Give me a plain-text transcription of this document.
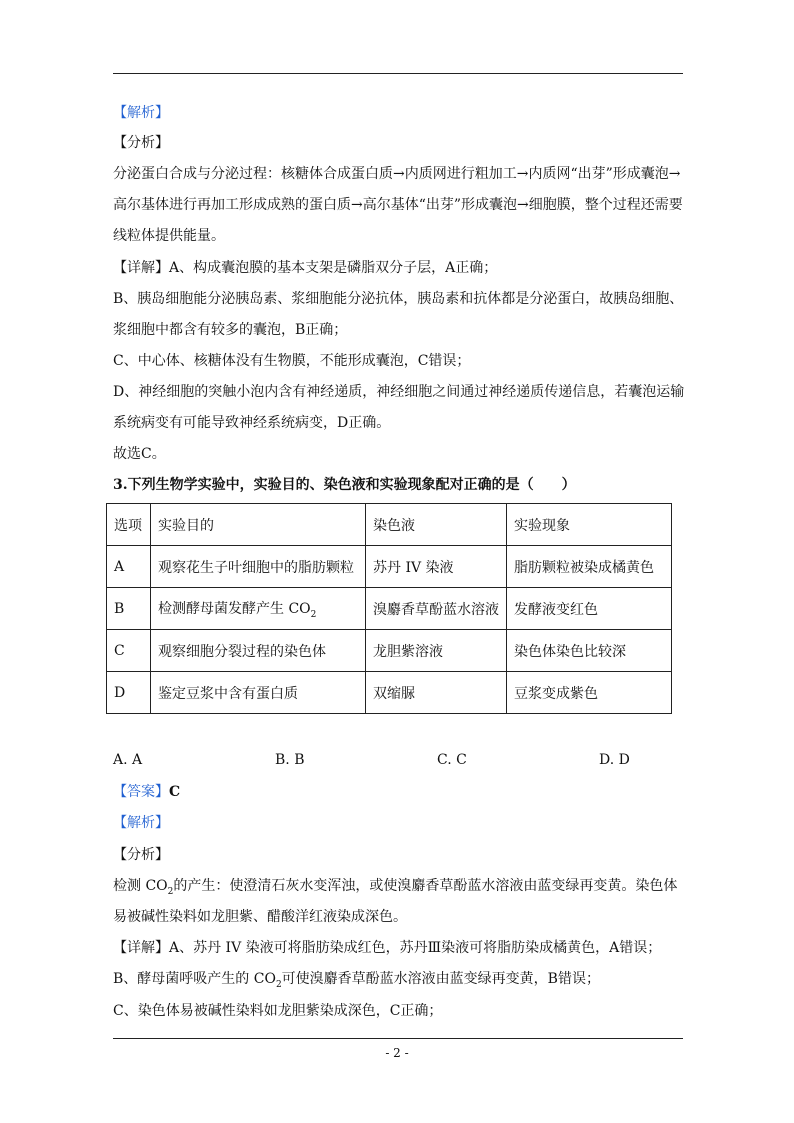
【解析】
【分析】
分泌蛋白合成与分泌过程：核糖体合成蛋白质→内质网进行粗加工→内质网“出芽”形成囊泡→
高尔基体进行再加工形成成熟的蛋白质→高尔基体“出芽”形成囊泡→细胞膜，整个过程还需要
线粒体提供能量。
【详解】A、构成囊泡膜的基本支架是磷脂双分子层，A正确；
B、胰岛细胞能分泌胰岛素、浆细胞能分泌抗体，胰岛素和抗体都是分泌蛋白，故胰岛细胞、
浆细胞中都含有较多的囊泡，B正确；
C、中心体、核糖体没有生物膜，不能形成囊泡，C错误；
D、神经细胞的突触小泡内含有神经递质，神经细胞之间通过神经递质传递信息，若囊泡运输
系统病变有可能导致神经系统病变，D正确。
故选C。
3.下列生物学实验中，实验目的、染色液和实验现象配对正确的是（　　）
选项	实验目的	染色液	实验现象
A	观察花生子叶细胞中的脂肪颗粒	苏丹 IV 染液	脂肪颗粒被染成橘黄色
B	检测酵母菌发酵产生 $CO_2$	溴麝香草酚蓝水溶液	发酵液变红色
C	观察细胞分裂过程的染色体	龙胆紫溶液	染色体染色比较深
D	鉴定豆浆中含有蛋白质	双缩脲	豆浆变成紫色
A. A	B. B	C. C	D. D
【答案】C
【解析】
【分析】
检测 $CO_2$的产生：使澄清石灰水变浑浊，或使溴麝香草酚蓝水溶液由蓝变绿再变黄。染色体
易被碱性染料如龙胆紫、醋酸洋红液染成深色。
【详解】A、苏丹 IV 染液可将脂肪染成红色，苏丹Ⅲ染液可将脂肪染成橘黄色，A错误；
B、酵母菌呼吸产生的 $CO_2$可使溴麝香草酚蓝水溶液由蓝变绿再变黄，B错误；
C、染色体易被碱性染料如龙胆紫染成深色，C正确；
- 2 -
